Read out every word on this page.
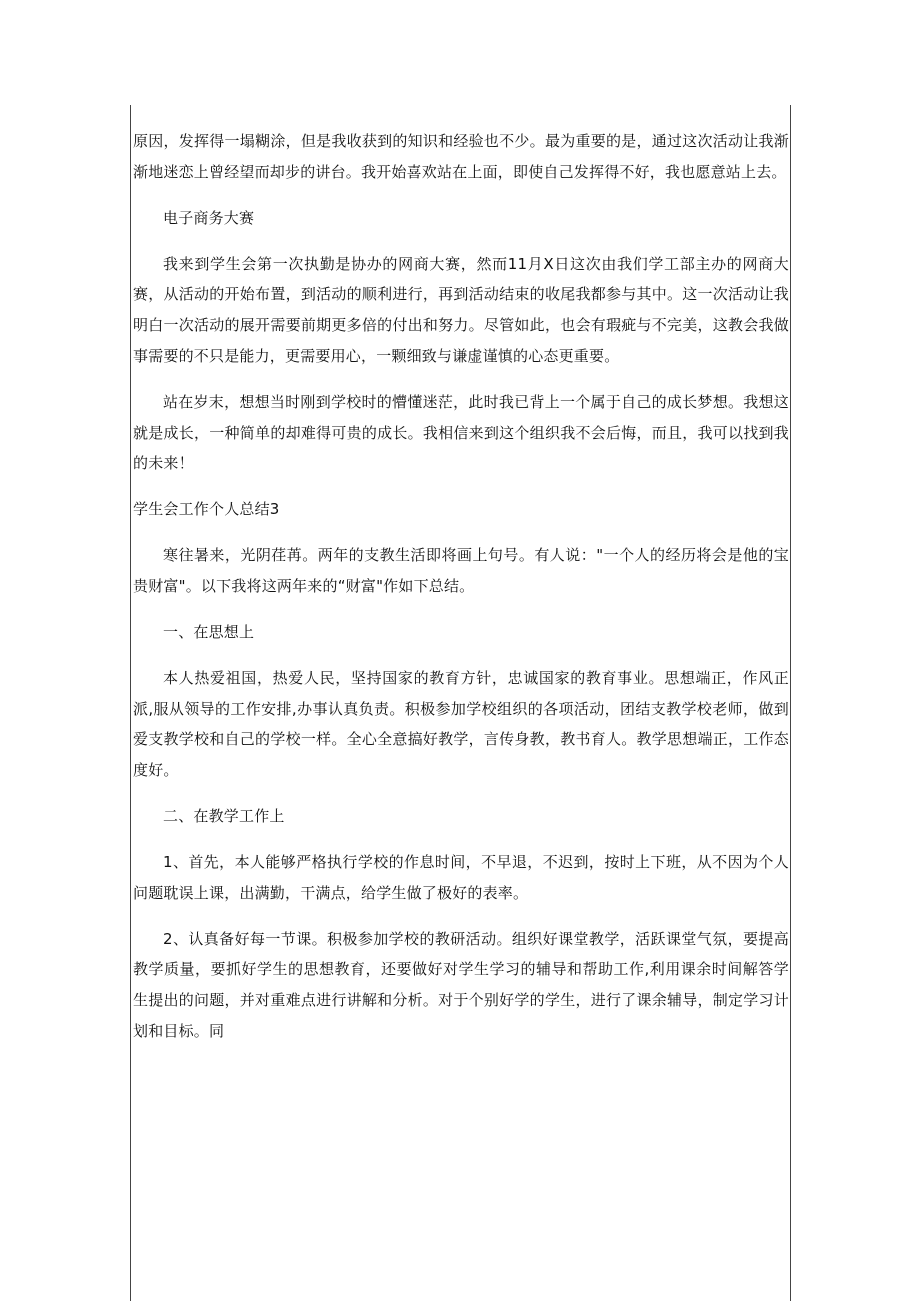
原因，发挥得一塌糊涂，但是我收获到的知识和经验也不少。最为重要的是，通过这次活动让我渐渐地迷恋上曾经望而却步的讲台。我开始喜欢站在上面，即使自己发挥得不好，我也愿意站上去。

电子商务大赛

我来到学生会第一次执勤是协办的网商大赛，然而11月X日这次由我们学工部主办的网商大赛，从活动的开始布置，到活动的顺利进行，再到活动结束的收尾我都参与其中。这一次活动让我明白一次活动的展开需要前期更多倍的付出和努力。尽管如此，也会有瑕疵与不完美，这教会我做事需要的不只是能力，更需要用心，一颗细致与谦虚谨慎的心态更重要。

站在岁末，想想当时刚到学校时的懵懂迷茫，此时我已背上一个属于自己的成长梦想。我想这就是成长，一种简单的却难得可贵的成长。我相信来到这个组织我不会后悔，而且，我可以找到我的未来！

学生会工作个人总结3

寒往暑来，光阴荏苒。两年的支教生活即将画上句号。有人说："一个人的经历将会是他的宝贵财富"。以下我将这两年来的“财富"作如下总结。

一、在思想上

本人热爱祖国，热爱人民，坚持国家的教育方针，忠诚国家的教育事业。思想端正，作风正派,服从领导的工作安排,办事认真负责。积极参加学校组织的各项活动，团结支教学校老师，做到爱支教学校和自己的学校一样。全心全意搞好教学，言传身教，教书育人。教学思想端正，工作态度好。

二、在教学工作上

1、首先，本人能够严格执行学校的作息时间，不早退，不迟到，按时上下班，从不因为个人问题耽误上课，出满勤，干满点，给学生做了极好的表率。

2、认真备好每一节课。积极参加学校的教研活动。组织好课堂教学，活跃课堂气氛，要提高教学质量，要抓好学生的思想教育，还要做好对学生学习的辅导和帮助工作,利用课余时间解答学生提出的问题，并对重难点进行讲解和分析。对于个别好学的学生，进行了课余辅导，制定学习计划和目标。同
